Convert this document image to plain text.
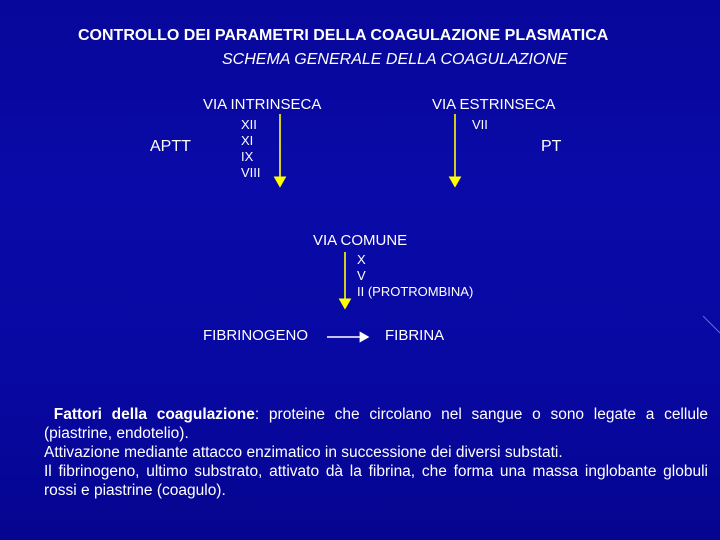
CONTROLLO DEI PARAMETRI DELLA COAGULAZIONE PLASMATICA
SCHEMA GENERALE DELLA COAGULAZIONE
VIA INTRINSECA	VIA ESTRINSECA
APTT	PT
XII
XI
IX
VIII
VII
VIA COMUNE
X
V
II (PROTROMBINA)
FIBRINOGENO	FIBRINA

Fattori della coagulazione: proteine che circolano nel sangue o sono legate a cellule (piastrine, endotelio).

Attivazione mediante attacco enzimatico in successione dei diversi substati.

Il fibrinogeno, ultimo substrato, attivato dà la fibrina, che forma una massa inglobante globuli rossi e piastrine (coagulo).
